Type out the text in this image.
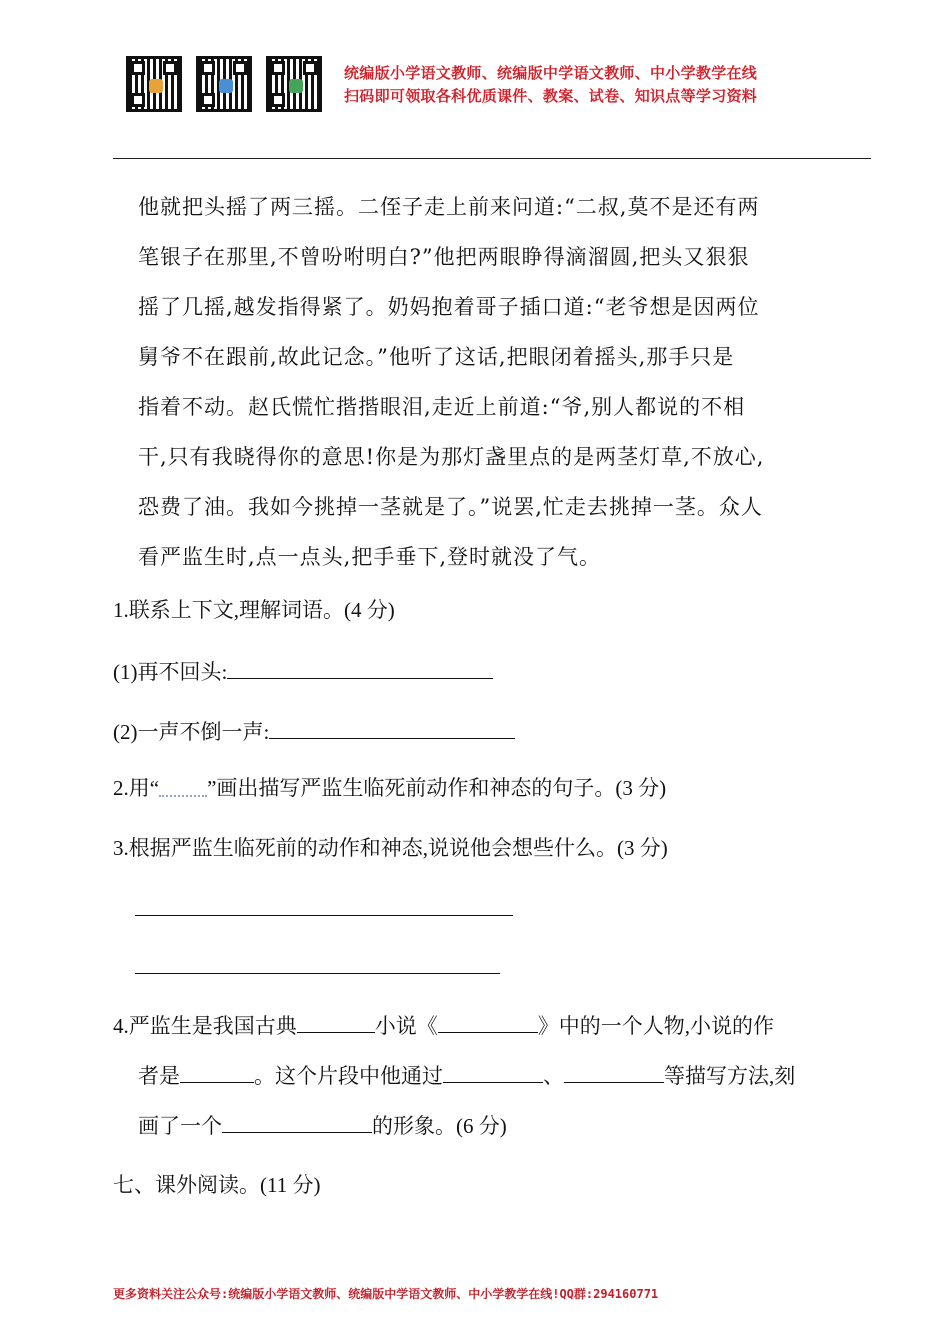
统编版小学语文教师、统编版中学语文教师、中小学教学在线
扫码即可领取各科优质课件、教案、试卷、知识点等学习资料

他就把头摇了两三摇。二侄子走上前来问道:“二叔,莫不是还有两

笔银子在那里,不曾吩咐明白?”他把两眼睁得滴溜圆,把头又狠狠

摇了几摇,越发指得紧了。奶妈抱着哥子插口道:“老爷想是因两位

舅爷不在跟前,故此记念。”他听了这话,把眼闭着摇头,那手只是

指着不动。赵氏慌忙揩揩眼泪,走近上前道:“爷,别人都说的不相

干,只有我晓得你的意思!你是为那灯盏里点的是两茎灯草,不放心,

恐费了油。我如今挑掉一茎就是了。”说罢,忙走去挑掉一茎。众人

看严监生时,点一点头,把手垂下,登时就没了气。

1.联系上下文,理解词语。(4 分)
(1)再不回头:
(2)一声不倒一声:
2.用“ ”画出描写严监生临死前动作和神态的句子。(3 分)
3.根据严监生临死前的动作和神态,说说他会想些什么。(3 分)
4.严监生是我国古典	小说《	》中的一个人物,小说的作
者是	。这个片段中他通过	、	等描写方法,刻
画了一个	的形象。(6 分)
七、课外阅读。(11 分)
更多资料关注公众号:统编版小学语文教师、统编版中学语文教师、中小学教学在线!QQ群:294160771
